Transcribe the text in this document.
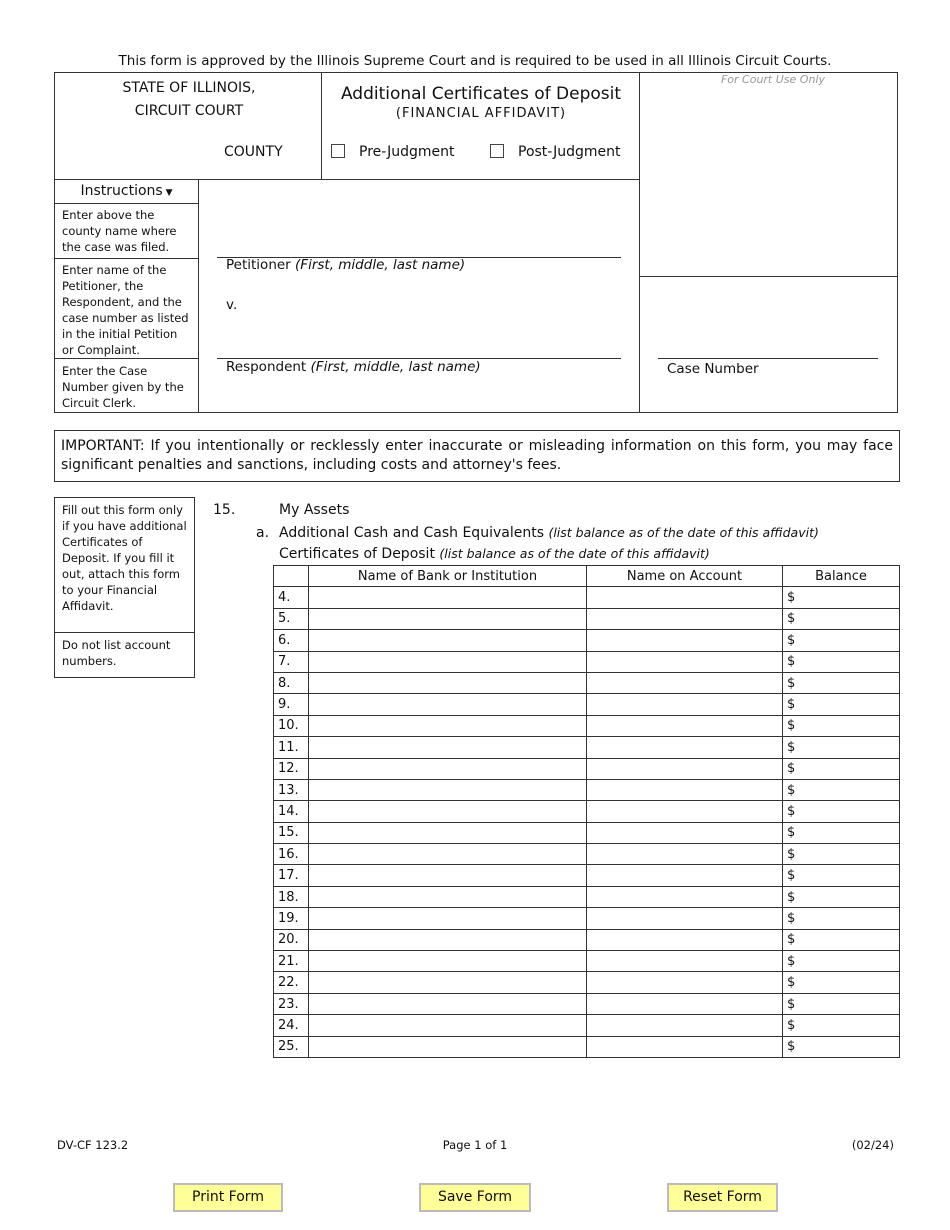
This form is approved by the Illinois Supreme Court and is required to be used in all Illinois Circuit Courts.
STATE OF ILLINOIS,
CIRCUIT COURT
COUNTY
Additional Certificates of Deposit
(FINANCIAL AFFIDAVIT)
Pre-Judgment	Post-Judgment
For Court Use Only
Instructions ▼
Enter above the county name where the case was filed.
Enter name of the Petitioner, the Respondent, and the case number as listed in the initial Petition or Complaint.
Enter the Case Number given by the Circuit Clerk.
Petitioner (First, middle, last name)
v.
Respondent (First, middle, last name)	Case Number
IMPORTANT: If you intentionally or recklessly enter inaccurate or misleading information on this form, you may face significant penalties and sanctions, including costs and attorney's fees.
Fill out this form only if you have additional Certificates of Deposit. If you fill it out, attach this form to your Financial Affidavit.
Do not list account numbers.
15.	My Assets
a. Additional Cash and Cash Equivalents (list balance as of the date of this affidavit)
Certificates of Deposit (list balance as of the date of this affidavit)
	Name of Bank or Institution	Name on Account	Balance
4.			$
5.			$
6.			$
7.			$
8.			$
9.			$
10.			$
11.			$
12.			$
13.			$
14.			$
15.			$
16.			$
17.			$
18.			$
19.			$
20.			$
21.			$
22.			$
23.			$
24.			$
25.			$
DV-CF 123.2	Page 1 of 1	(02/24)
Print Form	Save Form	Reset Form
